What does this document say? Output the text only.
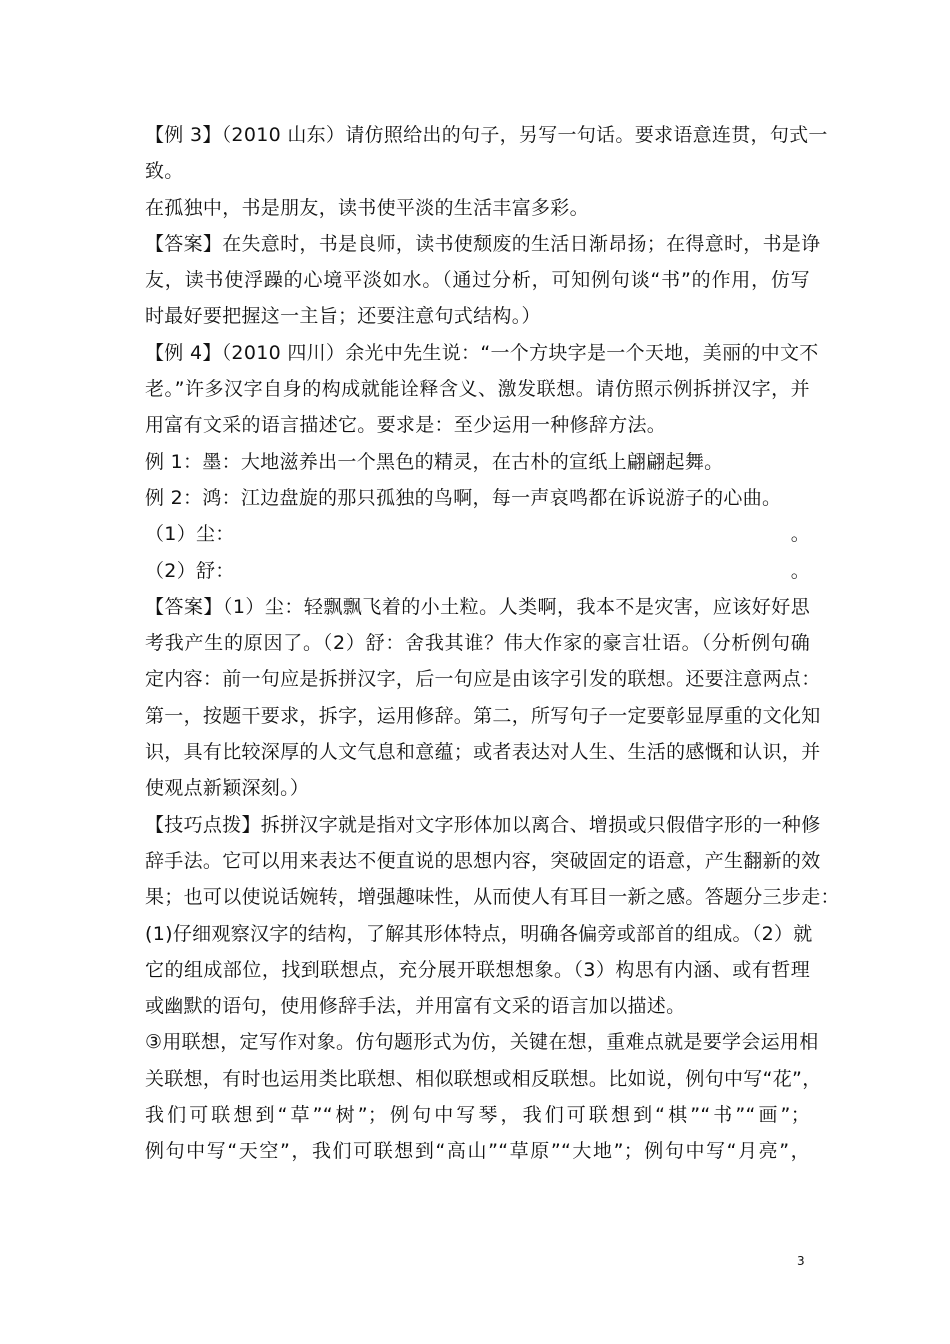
【例 3】（2010 山东）请仿照给出的句子，另写一句话。要求语意连贯，句式一
致。
在孤独中，书是朋友，读书使平淡的生活丰富多彩。
【答案】在失意时，书是良师，读书使颓废的生活日渐昂扬；在得意时，书是诤
友，读书使浮躁的心境平淡如水。（通过分析，可知例句谈“书”的作用，仿写
时最好要把握这一主旨；还要注意句式结构。）
【例 4】（2010 四川）余光中先生说：“一个方块字是一个天地，美丽的中文不
老。”许多汉字自身的构成就能诠释含义、激发联想。请仿照示例拆拼汉字，并
用富有文采的语言描述它。要求是：至少运用一种修辞方法。
例 1：墨：大地滋养出一个黑色的精灵，在古朴的宣纸上翩翩起舞。
例 2：鸿：江边盘旋的那只孤独的鸟啊，每一声哀鸣都在诉说游子的心曲。
（1）尘：	。
（2）舒：	。
【答案】（1）尘：轻飘飘飞着的小土粒。人类啊，我本不是灾害，应该好好思
考我产生的原因了。（2）舒：舍我其谁？伟大作家的豪言壮语。（分析例句确
定内容：前一句应是拆拼汉字，后一句应是由该字引发的联想。还要注意两点：
第一，按题干要求，拆字，运用修辞。第二，所写句子一定要彰显厚重的文化知
识，具有比较深厚的人文气息和意蕴；或者表达对人生、生活的感慨和认识，并
使观点新颖深刻。）
【技巧点拨】拆拼汉字就是指对文字形体加以离合、增损或只假借字形的一种修
辞手法。它可以用来表达不便直说的思想内容，突破固定的语意，产生翻新的效
果；也可以使说话婉转，增强趣味性，从而使人有耳目一新之感。答题分三步走：
(1)仔细观察汉字的结构，了解其形体特点，明确各偏旁或部首的组成。（2）就
它的组成部位，找到联想点，充分展开联想想象。（3）构思有内涵、或有哲理
或幽默的语句，使用修辞手法，并用富有文采的语言加以描述。
③用联想，定写作对象。仿句题形式为仿，关键在想，重难点就是要学会运用相
关联想，有时也运用类比联想、相似联想或相反联想。比如说，例句中写“花”，
我们可联想到“草”“树”；例句中写琴，我们可联想到“棋”“书”“画”；
例句中写“天空”，我们可联想到“高山”“草原”“大地”；例句中写“月亮”，
3
